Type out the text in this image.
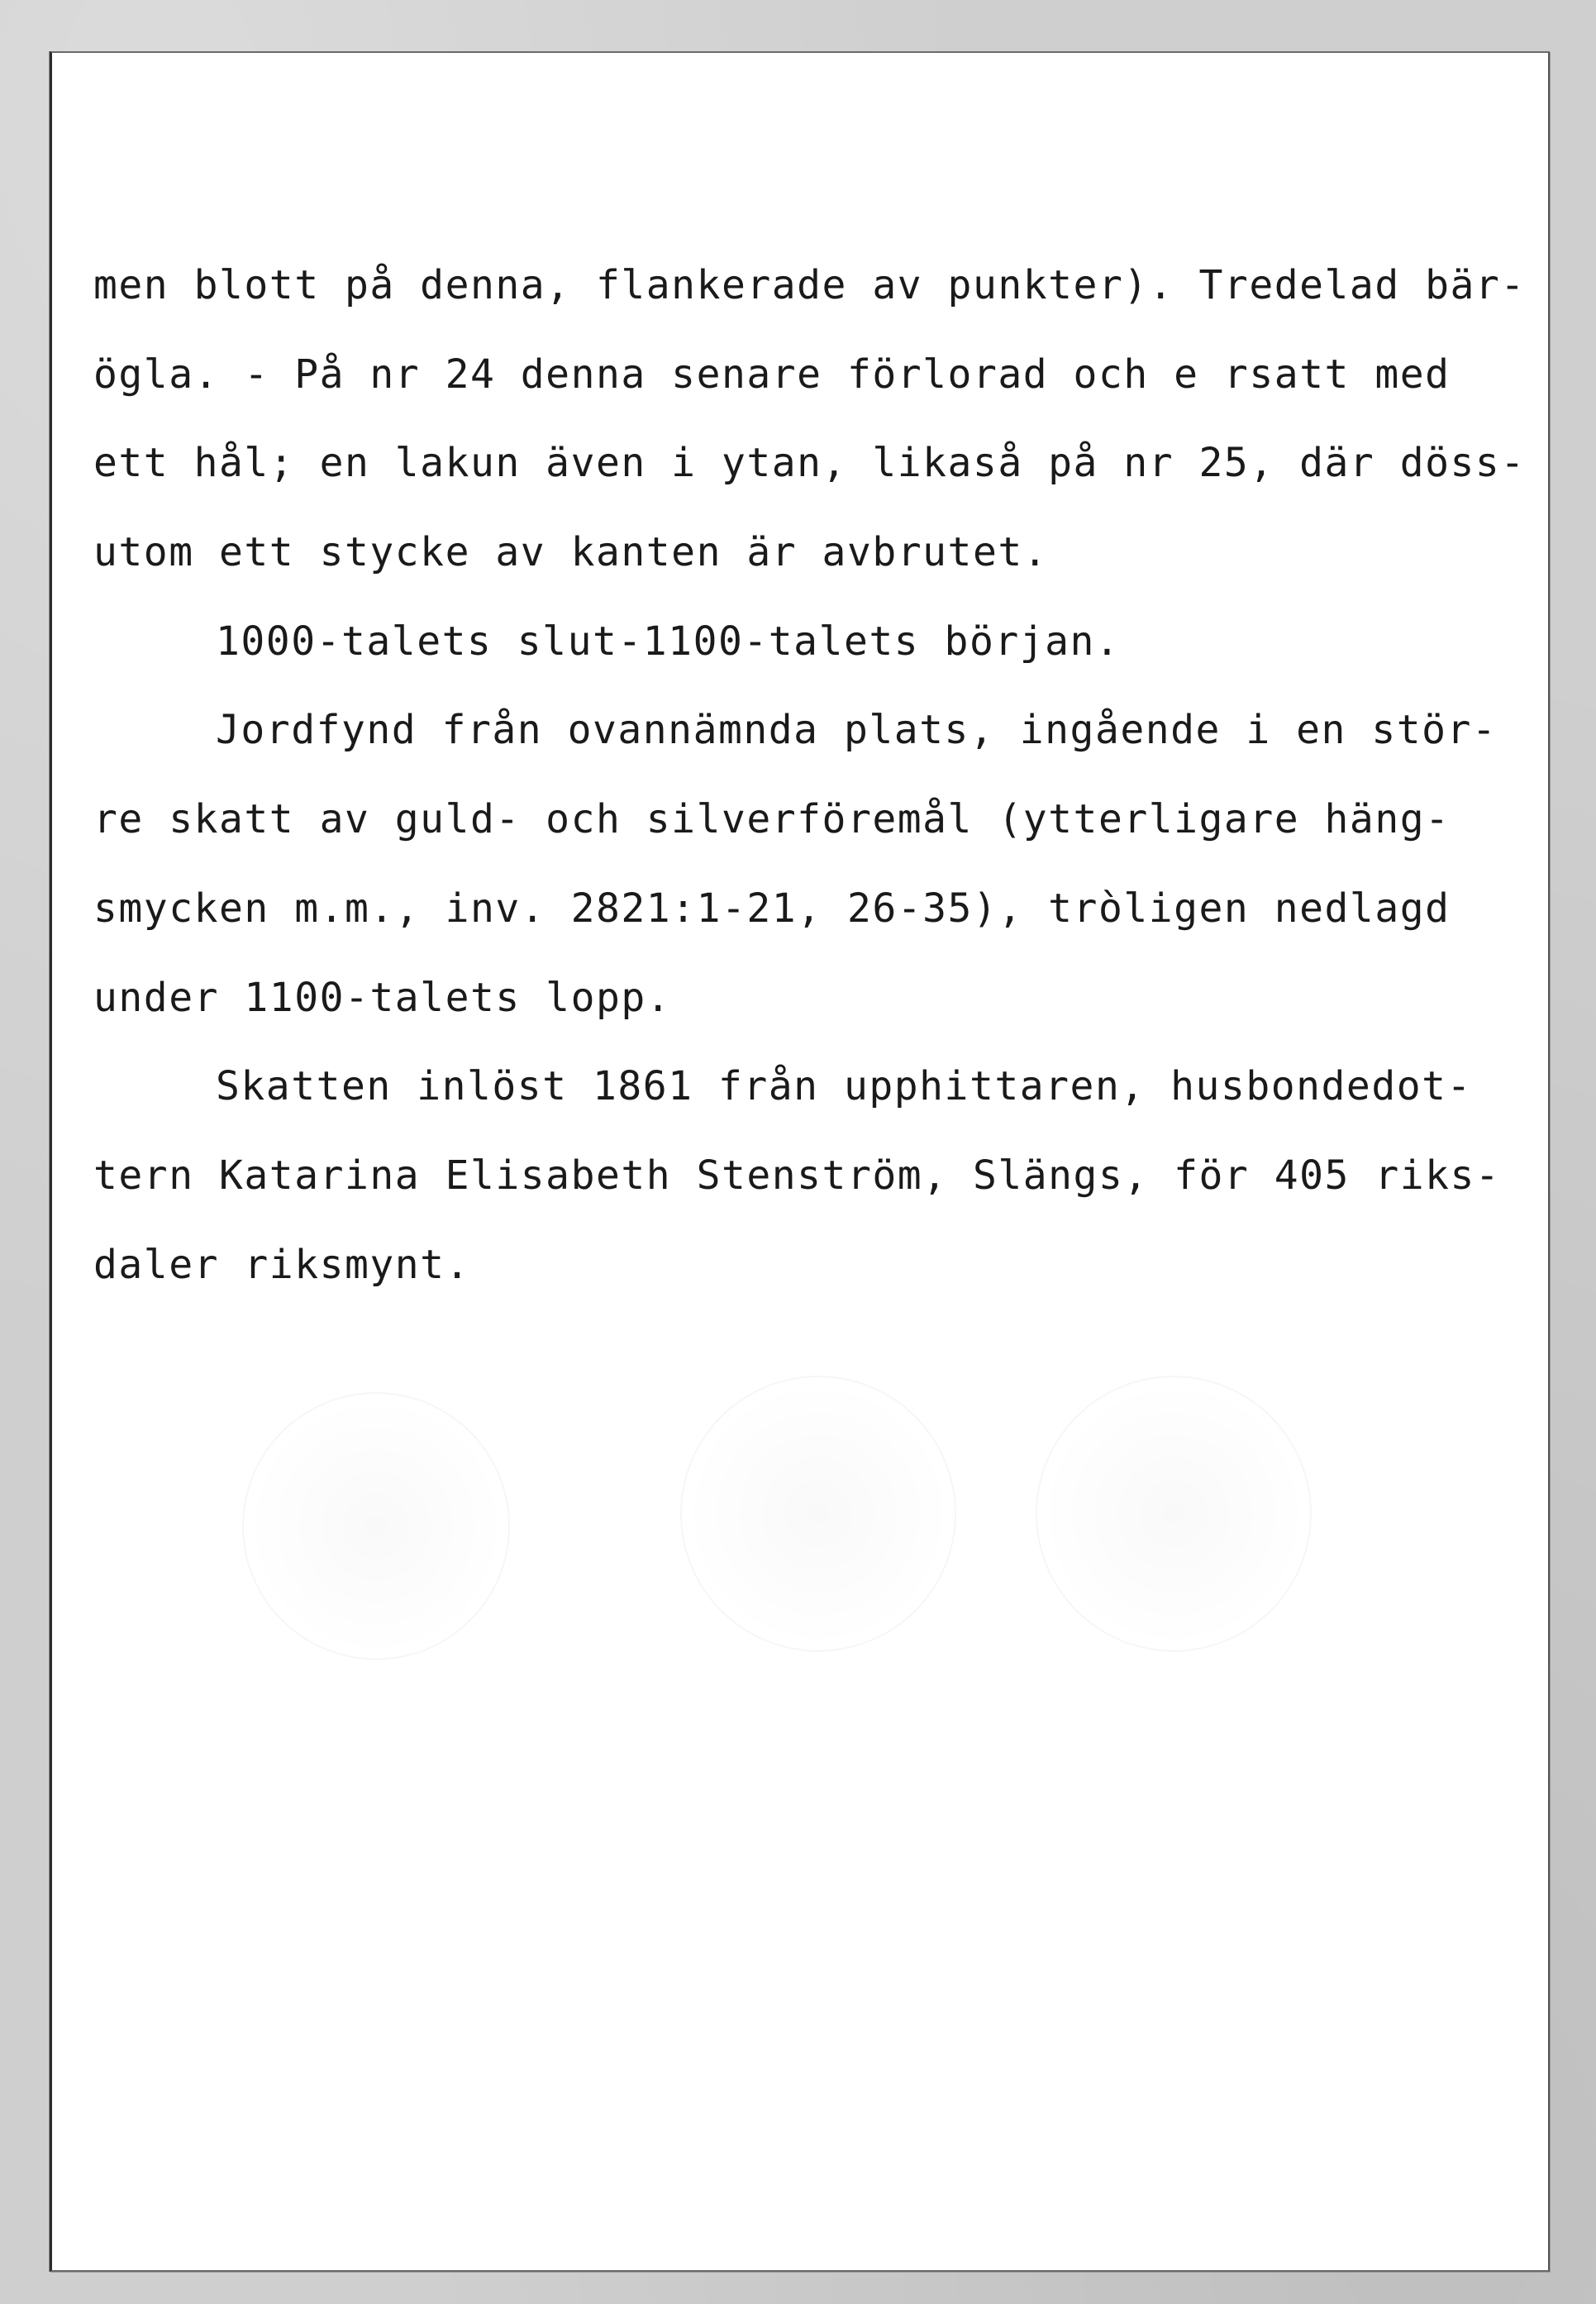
men blott på denna, flankerade av punkter). Tredelad bär-
ögla. - På nr 24 denna senare förlorad och e rsatt med
ett hål; en lakun även i ytan, likaså på nr 25, där döss-
utom ett stycke av kanten är avbrutet.
1000-talets slut-1100-talets början.
Jordfynd från ovannämnda plats, ingående i en stör-
re skatt av guld- och silverföremål (ytterligare häng-
smycken m.m., inv. 2821:1-21, 26-35), tròligen nedlagd
under 1100-talets lopp.
Skatten inlöst 1861 från upphittaren, husbondedot-
tern Katarina Elisabeth Stenström, Slängs, för 405 riks-
daler riksmynt.
